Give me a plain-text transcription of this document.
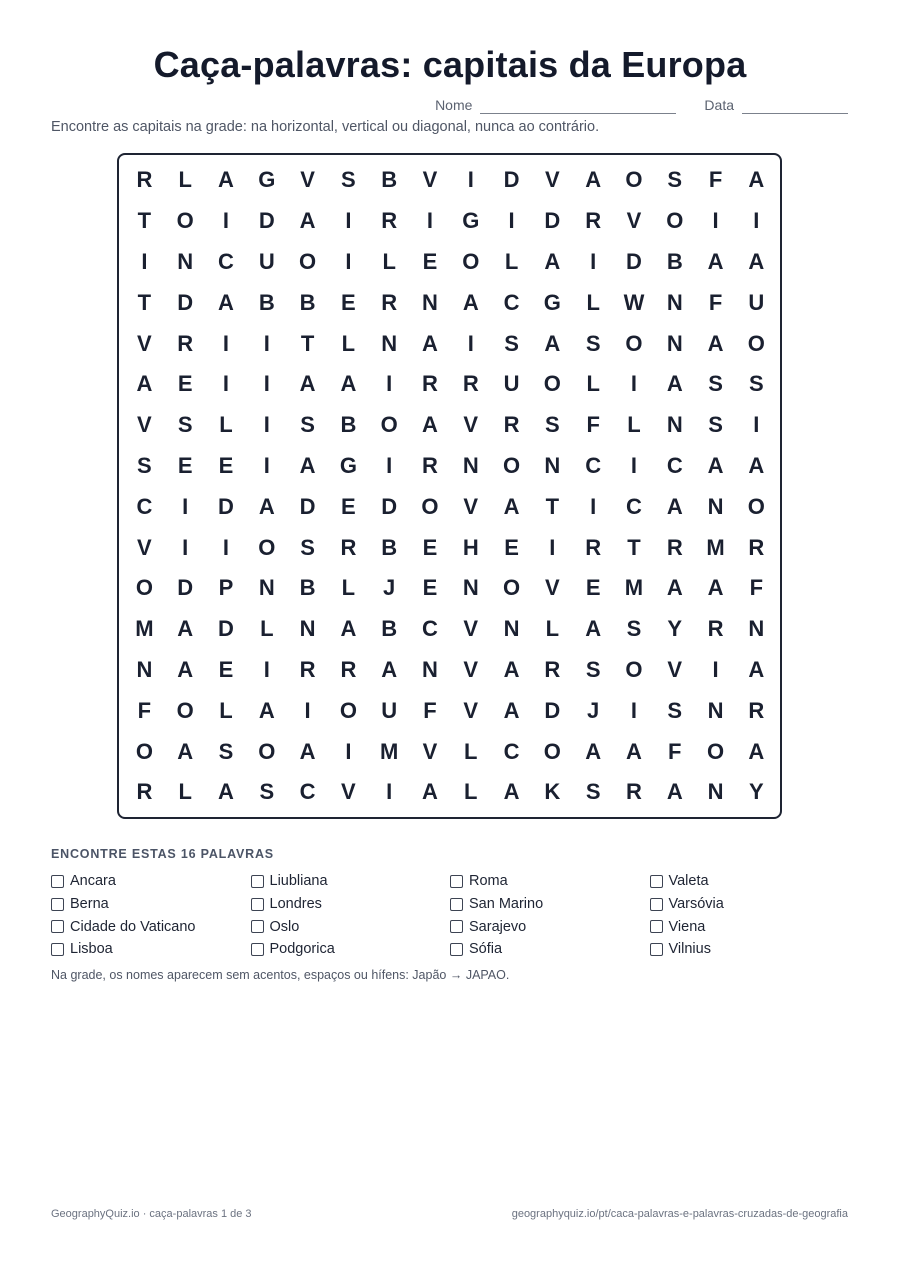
Caça-palavras: capitais da Europa
Nome	Data
Encontre as capitais na grade: na horizontal, vertical ou diagonal, nunca ao contrário.
R	L	A	G	V	S	B	V	I	D	V	A	O	S	F	A
T	O	I	D	A	I	R	I	G	I	D	R	V	O	I	I
I	N	C	U	O	I	L	E	O	L	A	I	D	B	A	A
T	D	A	B	B	E	R	N	A	C	G	L	W	N	F	U
V	R	I	I	T	L	N	A	I	S	A	S	O	N	A	O
A	E	I	I	A	A	I	R	R	U	O	L	I	A	S	S
V	S	L	I	S	B	O	A	V	R	S	F	L	N	S	I
S	E	E	I	A	G	I	R	N	O	N	C	I	C	A	A
C	I	D	A	D	E	D	O	V	A	T	I	C	A	N	O
V	I	I	O	S	R	B	E	H	E	I	R	T	R	M	R
O	D	P	N	B	L	J	E	N	O	V	E	M	A	A	F
M	A	D	L	N	A	B	C	V	N	L	A	S	Y	R	N
N	A	E	I	R	R	A	N	V	A	R	S	O	V	I	A
F	O	L	A	I	O	U	F	V	A	D	J	I	S	N	R
O	A	S	O	A	I	M	V	L	C	O	A	A	F	O	A
R	L	A	S	C	V	I	A	L	A	K	S	R	A	N	Y
ENCONTRE ESTAS 16 PALAVRAS
Ancara	Liubliana	Roma	Valeta
Berna	Londres	San Marino	Varsóvia
Cidade do Vaticano	Oslo	Sarajevo	Viena
Lisboa	Podgorica	Sófia	Vilnius
Na grade, os nomes aparecem sem acentos, espaços ou hífens: Japão → JAPAO.
GeographyQuiz.io · caça-palavras 1 de 3	geographyquiz.io/pt/caca-palavras-e-palavras-cruzadas-de-geografia
